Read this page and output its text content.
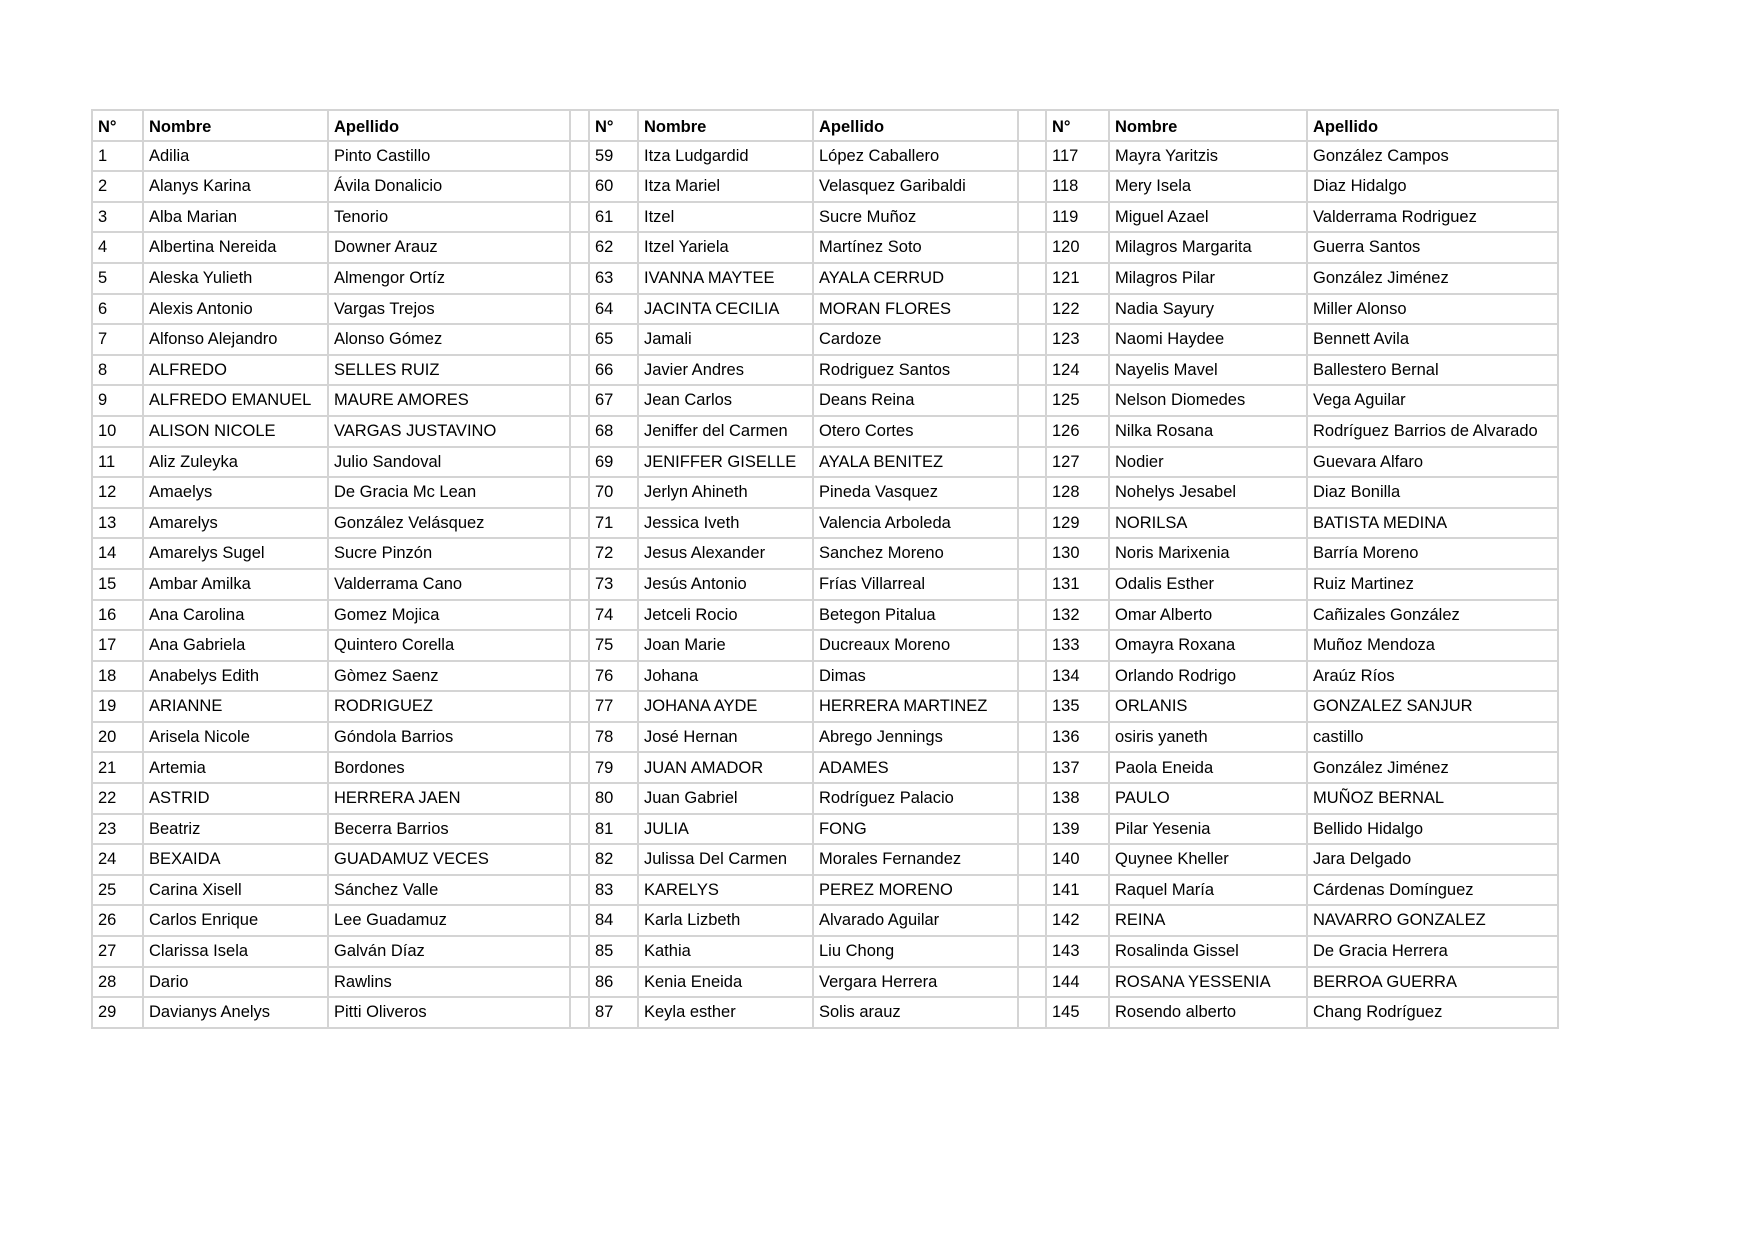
N°	Nombre	Apellido		N°	Nombre	Apellido		N°	Nombre	Apellido
1	Adilia	Pinto Castillo		59	Itza Ludgardid	López Caballero		117	Mayra Yaritzis	González Campos
2	Alanys Karina	Ávila Donalicio		60	Itza Mariel	Velasquez Garibaldi		118	Mery Isela	Diaz Hidalgo
3	Alba Marian	Tenorio		61	Itzel	Sucre Muñoz		119	Miguel Azael	Valderrama Rodriguez
4	Albertina Nereida	Downer Arauz		62	Itzel Yariela	Martínez Soto		120	Milagros Margarita	Guerra Santos
5	Aleska Yulieth	Almengor Ortíz		63	IVANNA MAYTEE	AYALA CERRUD		121	Milagros Pilar	González Jiménez
6	Alexis Antonio	Vargas Trejos		64	JACINTA CECILIA	MORAN FLORES		122	Nadia Sayury	Miller Alonso
7	Alfonso Alejandro	Alonso Gómez		65	Jamali	Cardoze		123	Naomi Haydee	Bennett Avila
8	ALFREDO	SELLES RUIZ		66	Javier Andres	Rodriguez Santos		124	Nayelis Mavel	Ballestero Bernal
9	ALFREDO EMANUEL	MAURE AMORES		67	Jean Carlos	Deans Reina		125	Nelson Diomedes	Vega Aguilar
10	ALISON NICOLE	VARGAS JUSTAVINO		68	Jeniffer del Carmen	Otero Cortes		126	Nilka Rosana	Rodríguez Barrios de Alvarado
11	Aliz Zuleyka	Julio Sandoval		69	JENIFFER GISELLE	AYALA BENITEZ		127	Nodier	Guevara Alfaro
12	Amaelys	De Gracia Mc Lean		70	Jerlyn Ahineth	Pineda Vasquez		128	Nohelys Jesabel	Diaz Bonilla
13	Amarelys	González Velásquez		71	Jessica Iveth	Valencia Arboleda		129	NORILSA	BATISTA MEDINA
14	Amarelys Sugel	Sucre Pinzón		72	Jesus Alexander	Sanchez Moreno		130	Noris Marixenia	Barría Moreno
15	Ambar Amilka	Valderrama Cano		73	Jesús Antonio	Frías Villarreal		131	Odalis Esther	Ruiz Martinez
16	Ana Carolina	Gomez Mojica		74	Jetceli Rocio	Betegon Pitalua		132	Omar Alberto	Cañizales González
17	Ana Gabriela	Quintero Corella		75	Joan Marie	Ducreaux Moreno		133	Omayra Roxana	Muñoz Mendoza
18	Anabelys Edith	Gòmez Saenz		76	Johana	Dimas		134	Orlando Rodrigo	Araúz Ríos
19	ARIANNE	RODRIGUEZ		77	JOHANA AYDE	HERRERA MARTINEZ		135	ORLANIS	GONZALEZ SANJUR
20	Arisela Nicole	Góndola Barrios		78	José Hernan	Abrego Jennings		136	osiris yaneth	castillo
21	Artemia	Bordones		79	JUAN AMADOR	ADAMES		137	Paola Eneida	González Jiménez
22	ASTRID	HERRERA JAEN		80	Juan Gabriel	Rodríguez Palacio		138	PAULO	MUÑOZ BERNAL
23	Beatriz	Becerra Barrios		81	JULIA	FONG		139	Pilar Yesenia	Bellido Hidalgo
24	BEXAIDA	GUADAMUZ VECES		82	Julissa Del Carmen	Morales Fernandez		140	Quynee Kheller	Jara Delgado
25	Carina Xisell	Sánchez Valle		83	KARELYS	PEREZ MORENO		141	Raquel María	Cárdenas Domínguez
26	Carlos Enrique	Lee Guadamuz		84	Karla Lizbeth	Alvarado Aguilar		142	REINA	NAVARRO GONZALEZ
27	Clarissa Isela	Galván Díaz		85	Kathia	Liu Chong		143	Rosalinda Gissel	De Gracia Herrera
28	Dario	Rawlins		86	Kenia Eneida	Vergara Herrera		144	ROSANA YESSENIA	BERROA GUERRA
29	Davianys Anelys	Pitti Oliveros		87	Keyla esther	Solis arauz		145	Rosendo alberto	Chang Rodríguez
